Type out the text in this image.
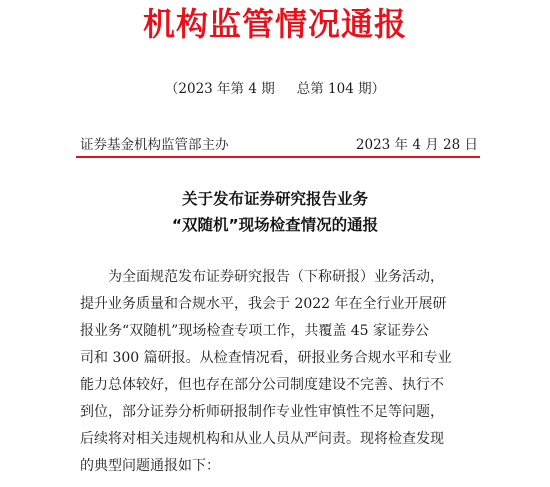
机构监管情况通报
（2023 年第 4 期 总第 104 期）
证券基金机构监管部主办	2023 年 4 月 28 日
关于发布证券研究报告业务
“双随机”现场检查情况的通报
为全面规范发布证券研究报告（下称研报）业务活动，
提升业务质量和合规水平，我会于 2022 年在全行业开展研
报业务“双随机”现场检查专项工作，共覆盖 45 家证券公
司和 300 篇研报。从检查情况看，研报业务合规水平和专业
能力总体较好，但也存在部分公司制度建设不完善、执行不
到位，部分证券分析师研报制作专业性审慎性不足等问题，
后续将对相关违规机构和从业人员从严问责。现将检查发现
的典型问题通报如下：
